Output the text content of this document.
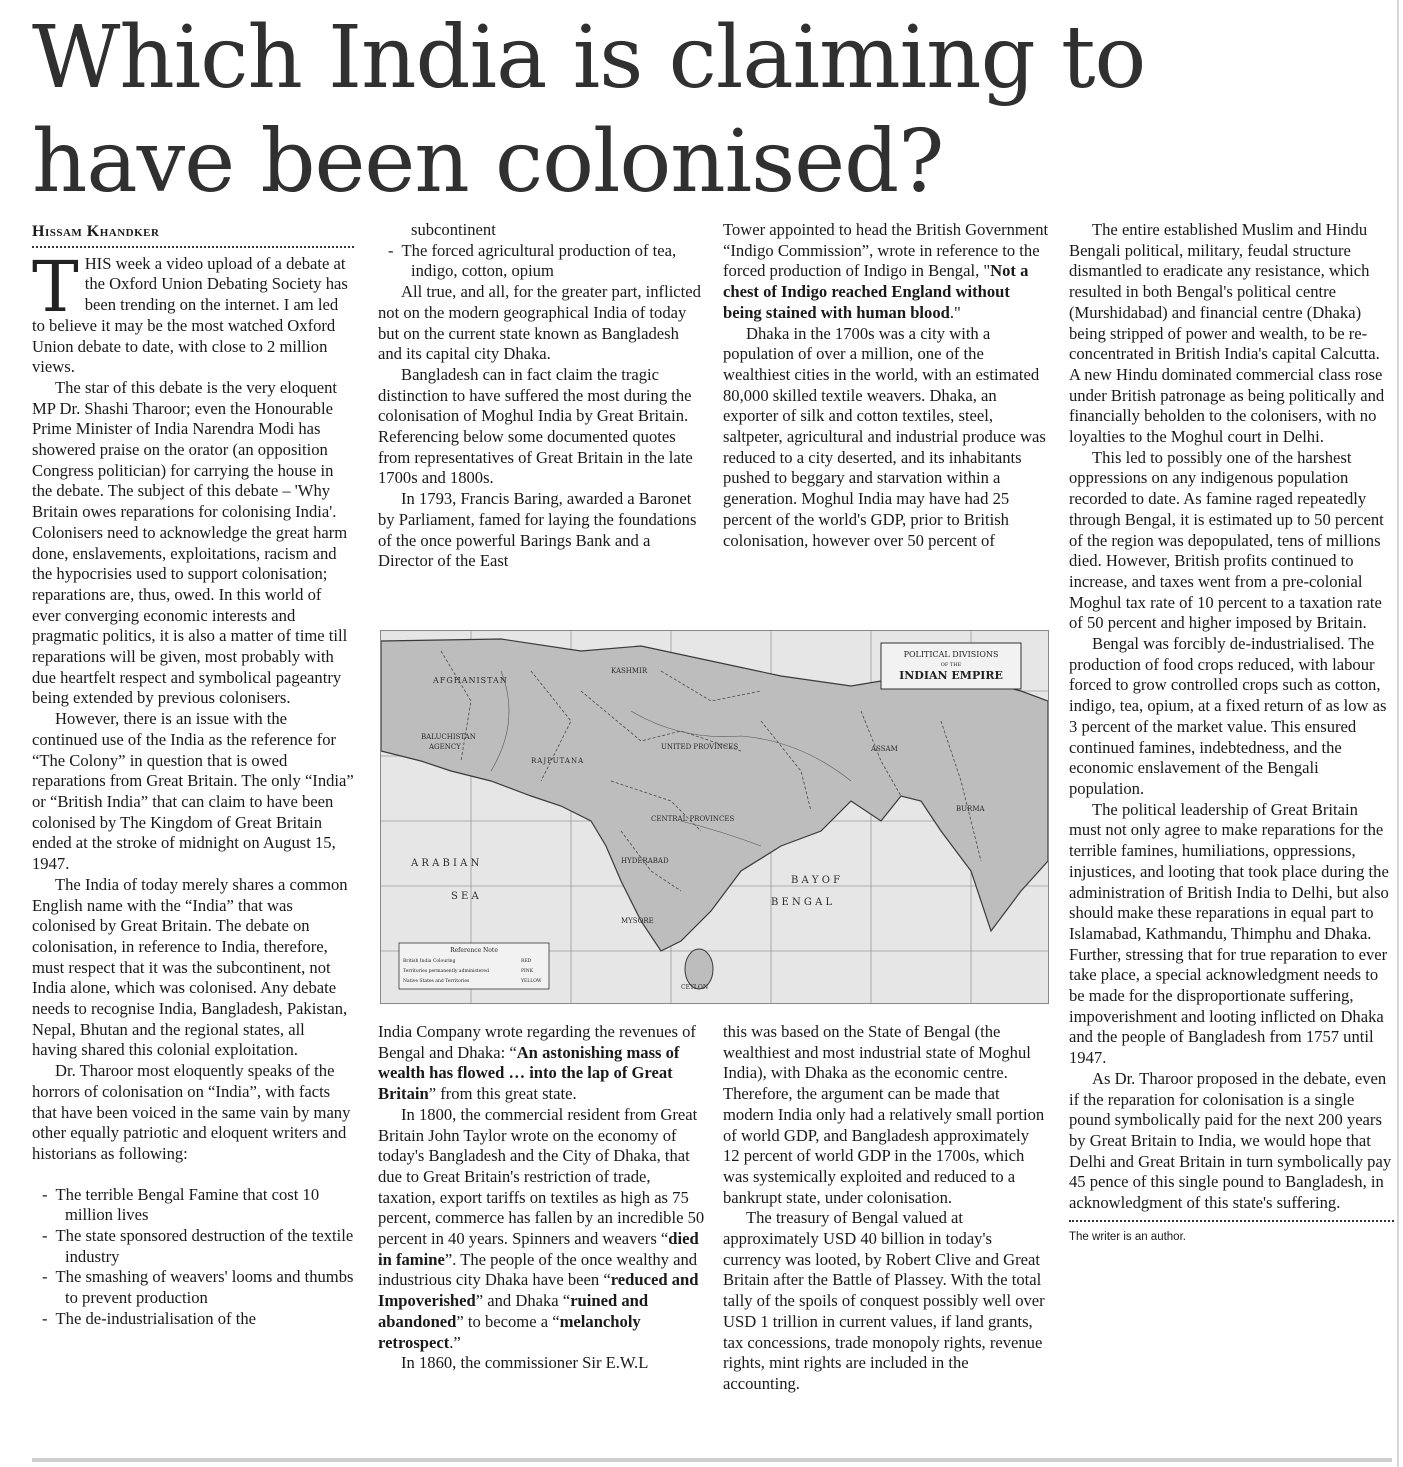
Which India is claiming to have been colonised?
Hissam Khandker

THIS week a video upload of a debate at the Oxford Union Debating Society has been trending on the internet. I am led to believe it may be the most watched Oxford Union debate to date, with close to 2 million views.

The star of this debate is the very eloquent MP Dr. Shashi Tharoor; even the Honourable Prime Minister of India Narendra Modi has showered praise on the orator (an opposition Congress politician) for carrying the house in the debate. The subject of this debate – 'Why Britain owes reparations for colonising India'. Colonisers need to acknowledge the great harm done, enslavements, exploitations, racism and the hypocrisies used to support colonisation; reparations are, thus, owed. In this world of ever converging economic interests and pragmatic politics, it is also a matter of time till reparations will be given, most probably with due heartfelt respect and symbolical pageantry being extended by previous colonisers.

However, there is an issue with the continued use of the India as the reference for “The Colony” in question that is owed reparations from Great Britain. The only “India” or “British India” that can claim to have been colonised by The Kingdom of Great Britain ended at the stroke of midnight on August 15, 1947.

The India of today merely shares a common English name with the “India” that was colonised by Great Britain. The debate on colonisation, in reference to India, therefore, must respect that it was the subcontinent, not India alone, which was colonised. Any debate needs to recognise India, Bangladesh, Pakistan, Nepal, Bhutan and the regional states, all having shared this colonial exploitation.

Dr. Tharoor most eloquently speaks of the horrors of colonisation on “India”, with facts that have been voiced in the same vain by many other equally patriotic and eloquent writers and historians as following:

- The terrible Bengal Famine that cost 10 million lives
- The state sponsored destruction of the textile industry
- The smashing of weavers' looms and thumbs to prevent production
- The de-industrialisation of the
subcontinent
- The forced agricultural production of tea, indigo, cotton, opium

All true, and all, for the greater part, inflicted not on the modern geographical India of today but on the current state known as Bangladesh and its capital city Dhaka.

Bangladesh can in fact claim the tragic distinction to have suffered the most during the colonisation of Moghul India by Great Britain. Referencing below some documented quotes from representatives of Great Britain in the late 1700s and 1800s.

In 1793, Francis Baring, awarded a Baronet by Parliament, famed for laying the foundations of the once powerful Barings Bank and a Director of the East

Tower appointed to head the British Government “Indigo Commission”, wrote in reference to the forced production of Indigo in Bengal, "Not a chest of Indigo reached England without being stained with human blood."

Dhaka in the 1700s was a city with a population of over a million, one of the wealthiest cities in the world, with an estimated 80,000 skilled textile weavers. Dhaka, an exporter of silk and cotton textiles, steel, saltpeter, agricultural and industrial produce was reduced to a city deserted, and its inhabitants pushed to beggary and starvation within a generation. Moghul India may have had 25 percent of the world's GDP, prior to British colonisation, however over 50 percent of

POLITICAL DIVISIONS
OF THE
INDIAN EMPIRE
AFGHANISTAN
BALUCHISTAN
AGENCY
KASHMIR
RAJPUTANA
UNITED PROVINCES
CENTRAL PROVINCES
HYDERABAD
MYSORE
ASSAM
BURMA
CEYLON
A R A B I A N
S E A
B A Y O F
B E N G A L
Reference Note
British India Colouring	RED
Territories permanently administered	PINK
Native States and Territories	YELLOW

India Company wrote regarding the revenues of Bengal and Dhaka: “An astonishing mass of wealth has flowed … into the lap of Great Britain” from this great state.

In 1800, the commercial resident from Great Britain John Taylor wrote on the economy of today's Bangladesh and the City of Dhaka, that due to Great Britain's restriction of trade, taxation, export tariffs on textiles as high as 75 percent, commerce has fallen by an incredible 50 percent in 40 years. Spinners and weavers “died in famine”. The people of the once wealthy and industrious city Dhaka have been “reduced and Impoverished” and Dhaka “ruined and abandoned” to become a “melancholy retrospect.”

In 1860, the commissioner Sir E.W.L

this was based on the State of Bengal (the wealthiest and most industrial state of Moghul India), with Dhaka as the economic centre. Therefore, the argument can be made that modern India only had a relatively small portion of world GDP, and Bangladesh approximately 12 percent of world GDP in the 1700s, which was systemically exploited and reduced to a bankrupt state, under colonisation.

The treasury of Bengal valued at approximately USD 40 billion in today's currency was looted, by Robert Clive and Great Britain after the Battle of Plassey. With the total tally of the spoils of conquest possibly well over USD 1 trillion in current values, if land grants, tax concessions, trade monopoly rights, revenue rights, mint rights are included in the accounting.

The entire established Muslim and Hindu Bengali political, military, feudal structure dismantled to eradicate any resistance, which resulted in both Bengal's political centre (Murshidabad) and financial centre (Dhaka) being stripped of power and wealth, to be re-concentrated in British India's capital Calcutta. A new Hindu dominated commercial class rose under British patronage as being politically and financially beholden to the colonisers, with no loyalties to the Moghul court in Delhi.

This led to possibly one of the harshest oppressions on any indigenous population recorded to date. As famine raged repeatedly through Bengal, it is estimated up to 50 percent of the region was depopulated, tens of millions died. However, British profits continued to increase, and taxes went from a pre-colonial Moghul tax rate of 10 percent to a taxation rate of 50 percent and higher imposed by Britain.

Bengal was forcibly de-industrialised. The production of food crops reduced, with labour forced to grow controlled crops such as cotton, indigo, tea, opium, at a fixed return of as low as 3 percent of the market value. This ensured continued famines, indebtedness, and the economic enslavement of the Bengali population.

The political leadership of Great Britain must not only agree to make reparations for the terrible famines, humiliations, oppressions, injustices, and looting that took place during the administration of British India to Delhi, but also should make these reparations in equal part to Islamabad, Kathmandu, Thimphu and Dhaka. Further, stressing that for true reparation to ever take place, a special acknowledgment needs to be made for the disproportionate suffering, impoverishment and looting inflicted on Dhaka and the people of Bangladesh from 1757 until 1947.

As Dr. Tharoor proposed in the debate, even if the reparation for colonisation is a single pound symbolically paid for the next 200 years by Great Britain to India, we would hope that Delhi and Great Britain in turn symbolically pay 45 pence of this single pound to Bangladesh, in acknowledgment of this state's suffering.

The writer is an author.
